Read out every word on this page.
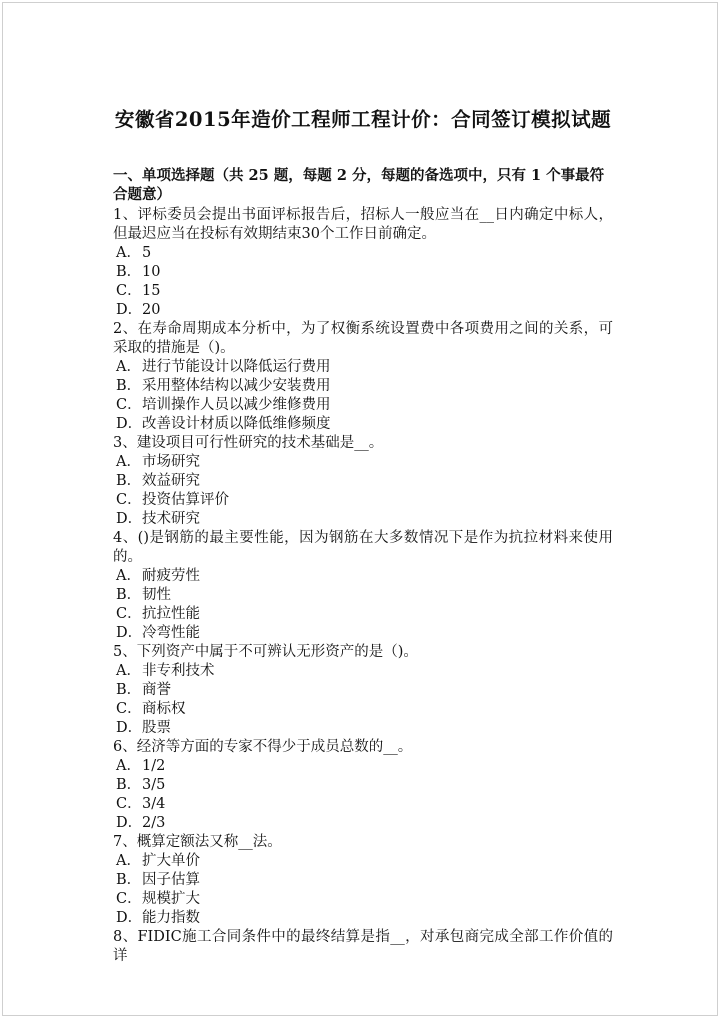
安徽省2015年造价工程师工程计价：合同签订模拟试题
一、单项选择题（共 25 题，每题 2 分，每题的备选项中，只有 1 个事最符合题意）
1、评标委员会提出书面评标报告后，招标人一般应当在__日内确定中标人，但最迟应当在投标有效期结束30个工作日前确定。
A．5
B．10
C．15
D．20
2、在寿命周期成本分析中，为了权衡系统设置费中各项费用之间的关系，可采取的措施是（)。
A．进行节能设计以降低运行费用
B．采用整体结构以减少安装费用
C．培训操作人员以减少维修费用
D．改善设计材质以降低维修频度
3、建设项目可行性研究的技术基础是__。
A．市场研究
B．效益研究
C．投资估算评价
D．技术研究
4、()是钢筋的最主要性能，因为钢筋在大多数情况下是作为抗拉材料来使用的。
A．耐疲劳性
B．韧性
C．抗拉性能
D．冷弯性能
5、下列资产中属于不可辨认无形资产的是（)。
A．非专利技术
B．商誉
C．商标权
D．股票
6、经济等方面的专家不得少于成员总数的__。
A．1/2
B．3/5
C．3/4
D．2/3
7、概算定额法又称__法。
A．扩大单价
B．因子估算
C．规模扩大
D．能力指数
8、FIDIC施工合同条件中的最终结算是指__，对承包商完成全部工作价值的详
